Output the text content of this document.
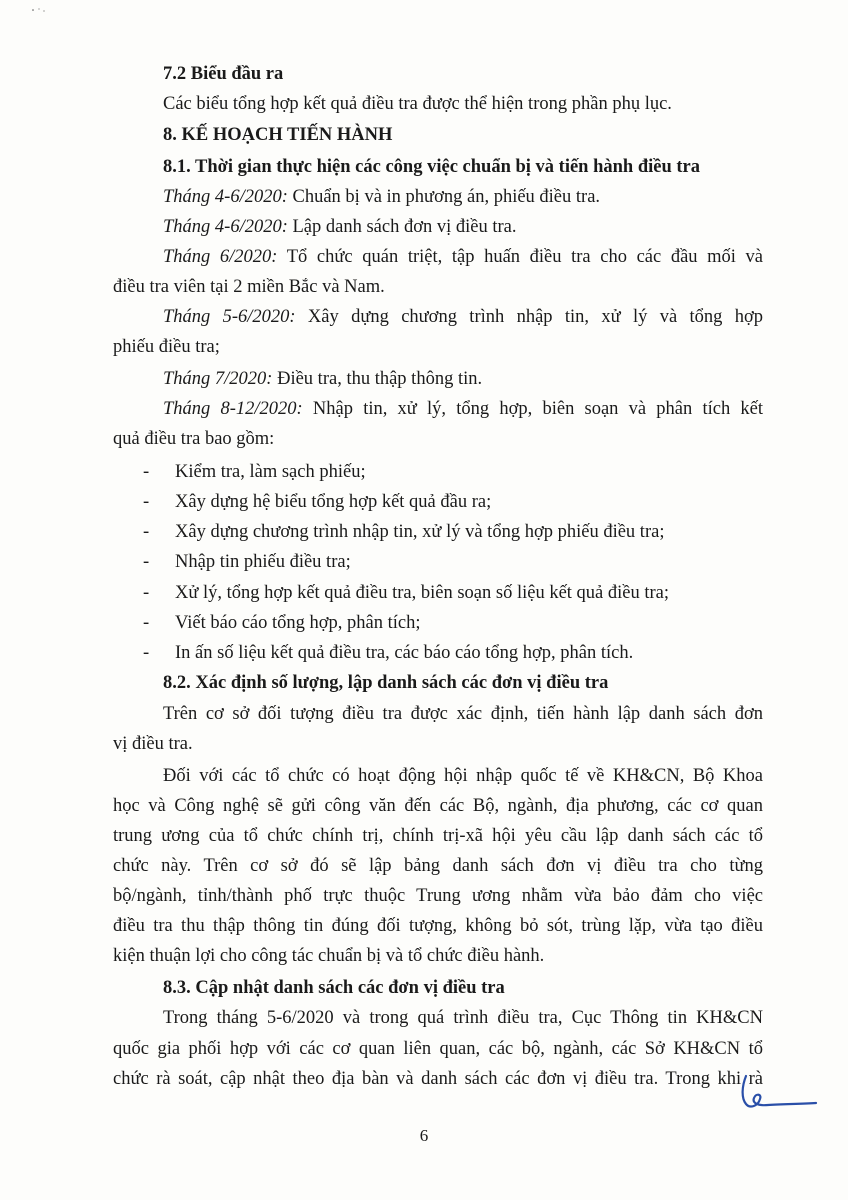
7.2 Biểu đầu ra
Các biểu tổng hợp kết quả điều tra được thể hiện trong phần phụ lục.
8. KẾ HOẠCH TIẾN HÀNH
8.1. Thời gian thực hiện các công việc chuẩn bị và tiến hành điều tra
Tháng 4-6/2020: Chuẩn bị và in phương án, phiếu điều tra.
Tháng 4-6/2020: Lập danh sách đơn vị điều tra.
Tháng 6/2020: Tổ chức quán triệt, tập huấn điều tra cho các đầu mối và
điều tra viên tại 2 miền Bắc và Nam.
Tháng 5-6/2020: Xây dựng chương trình nhập tin, xử lý và tổng hợp
phiếu điều tra;
Tháng 7/2020: Điều tra, thu thập thông tin.
Tháng 8-12/2020: Nhập tin, xử lý, tổng hợp, biên soạn và phân tích kết
quả điều tra bao gồm:
- Kiểm tra, làm sạch phiếu;
- Xây dựng hệ biểu tổng hợp kết quả đầu ra;
- Xây dựng chương trình nhập tin, xử lý và tổng hợp phiếu điều tra;
- Nhập tin phiếu điều tra;
- Xử lý, tổng hợp kết quả điều tra, biên soạn số liệu kết quả điều tra;
- Viết báo cáo tổng hợp, phân tích;
- In ấn số liệu kết quả điều tra, các báo cáo tổng hợp, phân tích.
8.2. Xác định số lượng, lập danh sách các đơn vị điều tra
Trên cơ sở đối tượng điều tra được xác định, tiến hành lập danh sách đơn
vị điều tra.
Đối với các tổ chức có hoạt động hội nhập quốc tế về KH&CN, Bộ Khoa
học và Công nghệ sẽ gửi công văn đến các Bộ, ngành, địa phương, các cơ quan
trung ương của tổ chức chính trị, chính trị-xã hội yêu cầu lập danh sách các tổ
chức này. Trên cơ sở đó sẽ lập bảng danh sách đơn vị điều tra cho từng
bộ/ngành, tỉnh/thành phố trực thuộc Trung ương nhằm vừa bảo đảm cho việc
điều tra thu thập thông tin đúng đối tượng, không bỏ sót, trùng lặp, vừa tạo điều
kiện thuận lợi cho công tác chuẩn bị và tổ chức điều hành.
8.3. Cập nhật danh sách các đơn vị điều tra
Trong tháng 5-6/2020 và trong quá trình điều tra, Cục Thông tin KH&CN
quốc gia phối hợp với các cơ quan liên quan, các bộ, ngành, các Sở KH&CN tổ
chức rà soát, cập nhật theo địa bàn và danh sách các đơn vị điều tra. Trong khi rà
6
